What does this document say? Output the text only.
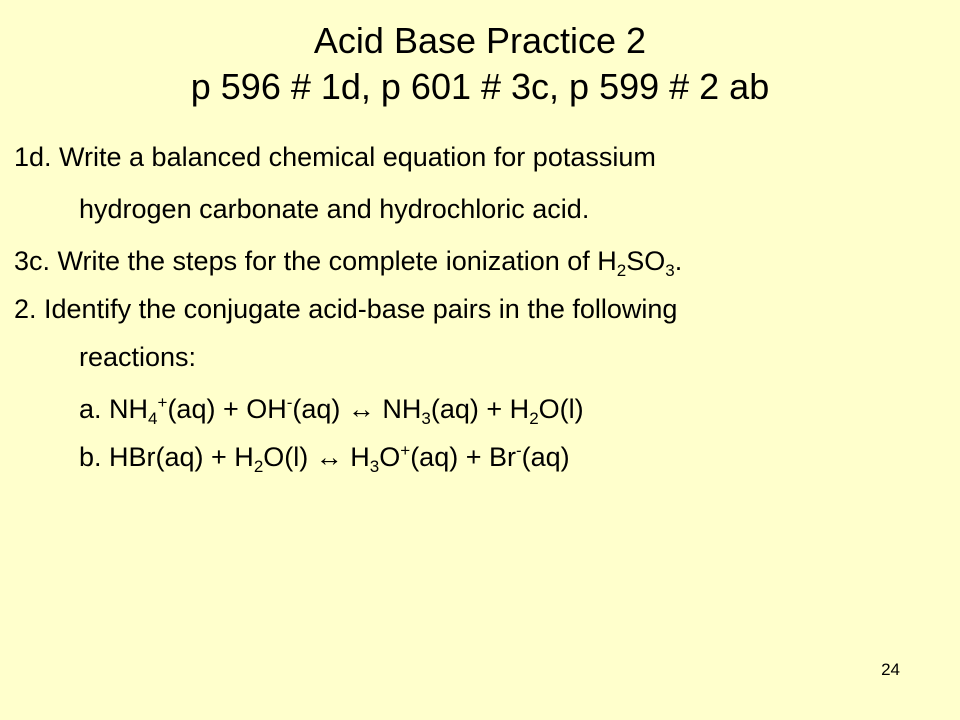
Acid Base Practice 2
p 596 # 1d, p 601 # 3c, p 599 # 2 ab
1d. Write a balanced chemical equation for potassium
hydrogen carbonate and hydrochloric acid.
3c. Write the steps for the complete ionization of $H_2SO_3$.
2. Identify the conjugate acid-base pairs in the following
reactions:
a. $NH_4^+(aq) + OH^-(aq)$ ↔ $NH_3(aq) + H_2O(l)$
b. $HBr(aq) + H_2O(l)$ ↔ $H_3O^+(aq) + Br^-(aq)$
24
